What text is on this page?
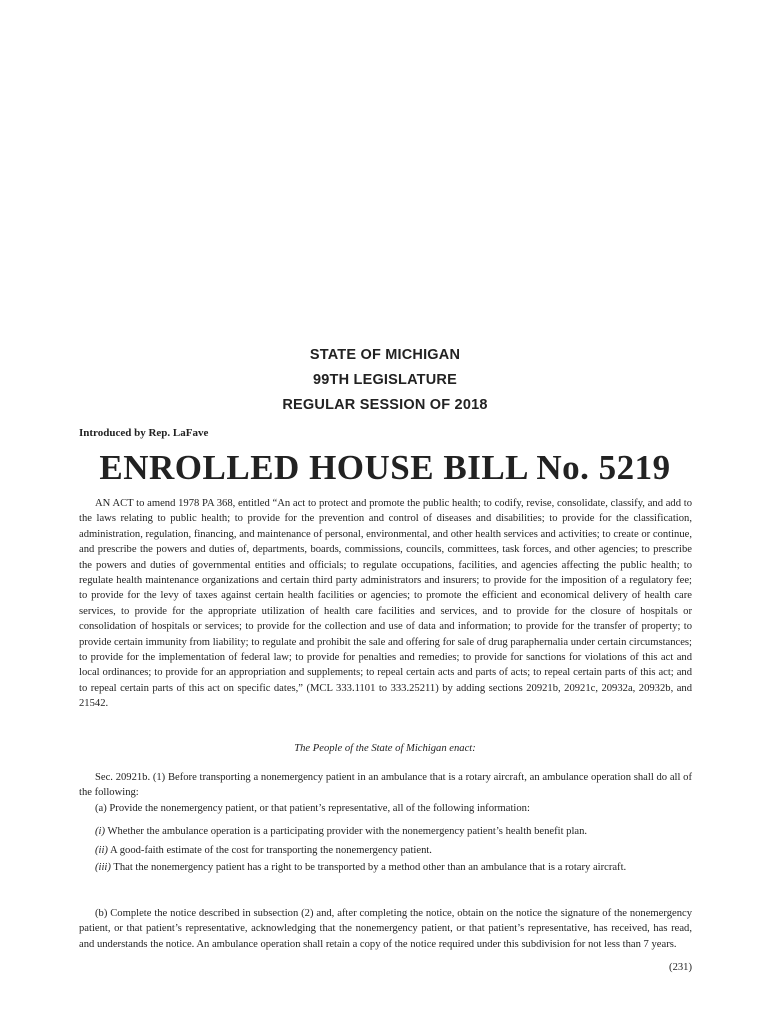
STATE OF MICHIGAN
99TH LEGISLATURE
REGULAR SESSION OF 2018
Introduced by Rep. LaFave
ENROLLED HOUSE BILL No. 5219

AN ACT to amend 1978 PA 368, entitled “An act to protect and promote the public health; to codify, revise, consolidate, classify, and add to the laws relating to public health; to provide for the prevention and control of diseases and disabilities; to provide for the classification, administration, regulation, financing, and maintenance of personal, environmental, and other health services and activities; to create or continue, and prescribe the powers and duties of, departments, boards, commissions, councils, committees, task forces, and other agencies; to prescribe the powers and duties of governmental entities and officials; to regulate occupations, facilities, and agencies affecting the public health; to regulate health maintenance organizations and certain third party administrators and insurers; to provide for the imposition of a regulatory fee; to provide for the levy of taxes against certain health facilities or agencies; to promote the efficient and economical delivery of health care services, to provide for the appropriate utilization of health care facilities and services, and to provide for the closure of hospitals or consolidation of hospitals or services; to provide for the collection and use of data and information; to provide for the transfer of property; to provide certain immunity from liability; to regulate and prohibit the sale and offering for sale of drug paraphernalia under certain circumstances; to provide for the implementation of federal law; to provide for penalties and remedies; to provide for sanctions for violations of this act and local ordinances; to provide for an appropriation and supplements; to repeal certain acts and parts of acts; to repeal certain parts of this act; and to repeal certain parts of this act on specific dates,” (MCL 333.1101 to 333.25211) by adding sections 20921b, 20921c, 20932a, 20932b, and 21542.

The People of the State of Michigan enact:

Sec. 20921b. (1) Before transporting a nonemergency patient in an ambulance that is a rotary aircraft, an ambulance operation shall do all of the following:

(a) Provide the nonemergency patient, or that patient’s representative, all of the following information:

(i) Whether the ambulance operation is a participating provider with the nonemergency patient’s health benefit plan.

(ii) A good-faith estimate of the cost for transporting the nonemergency patient.

(iii) That the nonemergency patient has a right to be transported by a method other than an ambulance that is a rotary aircraft.

(b) Complete the notice described in subsection (2) and, after completing the notice, obtain on the notice the signature of the nonemergency patient, or that patient’s representative, acknowledging that the nonemergency patient, or that patient’s representative, has received, has read, and understands the notice. An ambulance operation shall retain a copy of the notice required under this subdivision for not less than 7 years.

(231)
